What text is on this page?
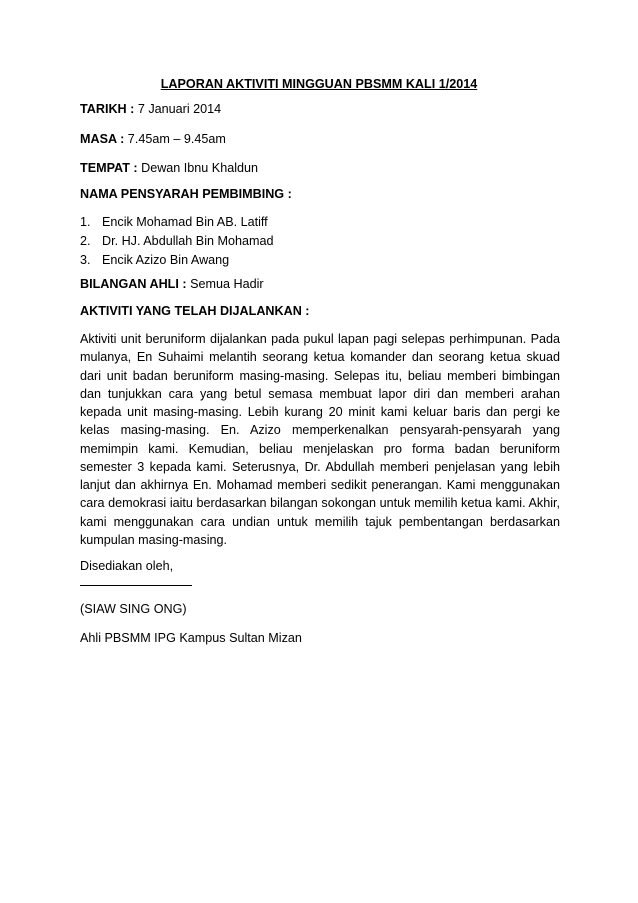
LAPORAN AKTIVITI MINGGUAN PBSMM KALI 1/2014
TARIKH : 7 Januari 2014
MASA : 7.45am – 9.45am
TEMPAT : Dewan Ibnu Khaldun
NAMA PENSYARAH PEMBIMBING :
1. Encik Mohamad Bin AB. Latiff
2. Dr. HJ. Abdullah Bin Mohamad
3. Encik Azizo Bin Awang
BILANGAN AHLI : Semua Hadir
AKTIVITI YANG TELAH DIJALANKAN :

Aktiviti unit beruniform dijalankan pada pukul lapan pagi selepas perhimpunan. Pada mulanya, En Suhaimi melantih seorang ketua komander dan seorang ketua skuad dari unit badan beruniform masing-masing. Selepas itu, beliau memberi bimbingan dan tunjukkan cara yang betul semasa membuat lapor diri dan memberi arahan kepada unit masing-masing. Lebih kurang 20 minit kami keluar baris dan pergi ke kelas masing-masing. En. Azizo memperkenalkan pensyarah-pensyarah yang memimpin kami. Kemudian, beliau menjelaskan pro forma badan beruniform semester 3 kepada kami. Seterusnya, Dr. Abdullah memberi penjelasan yang lebih lanjut dan akhirnya En. Mohamad memberi sedikit penerangan. Kami menggunakan cara demokrasi iaitu berdasarkan bilangan sokongan untuk memilih ketua kami. Akhir, kami menggunakan cara undian untuk memilih tajuk pembentangan berdasarkan kumpulan masing-masing.

Disediakan oleh,
(SIAW SING ONG)
Ahli PBSMM IPG Kampus Sultan Mizan
